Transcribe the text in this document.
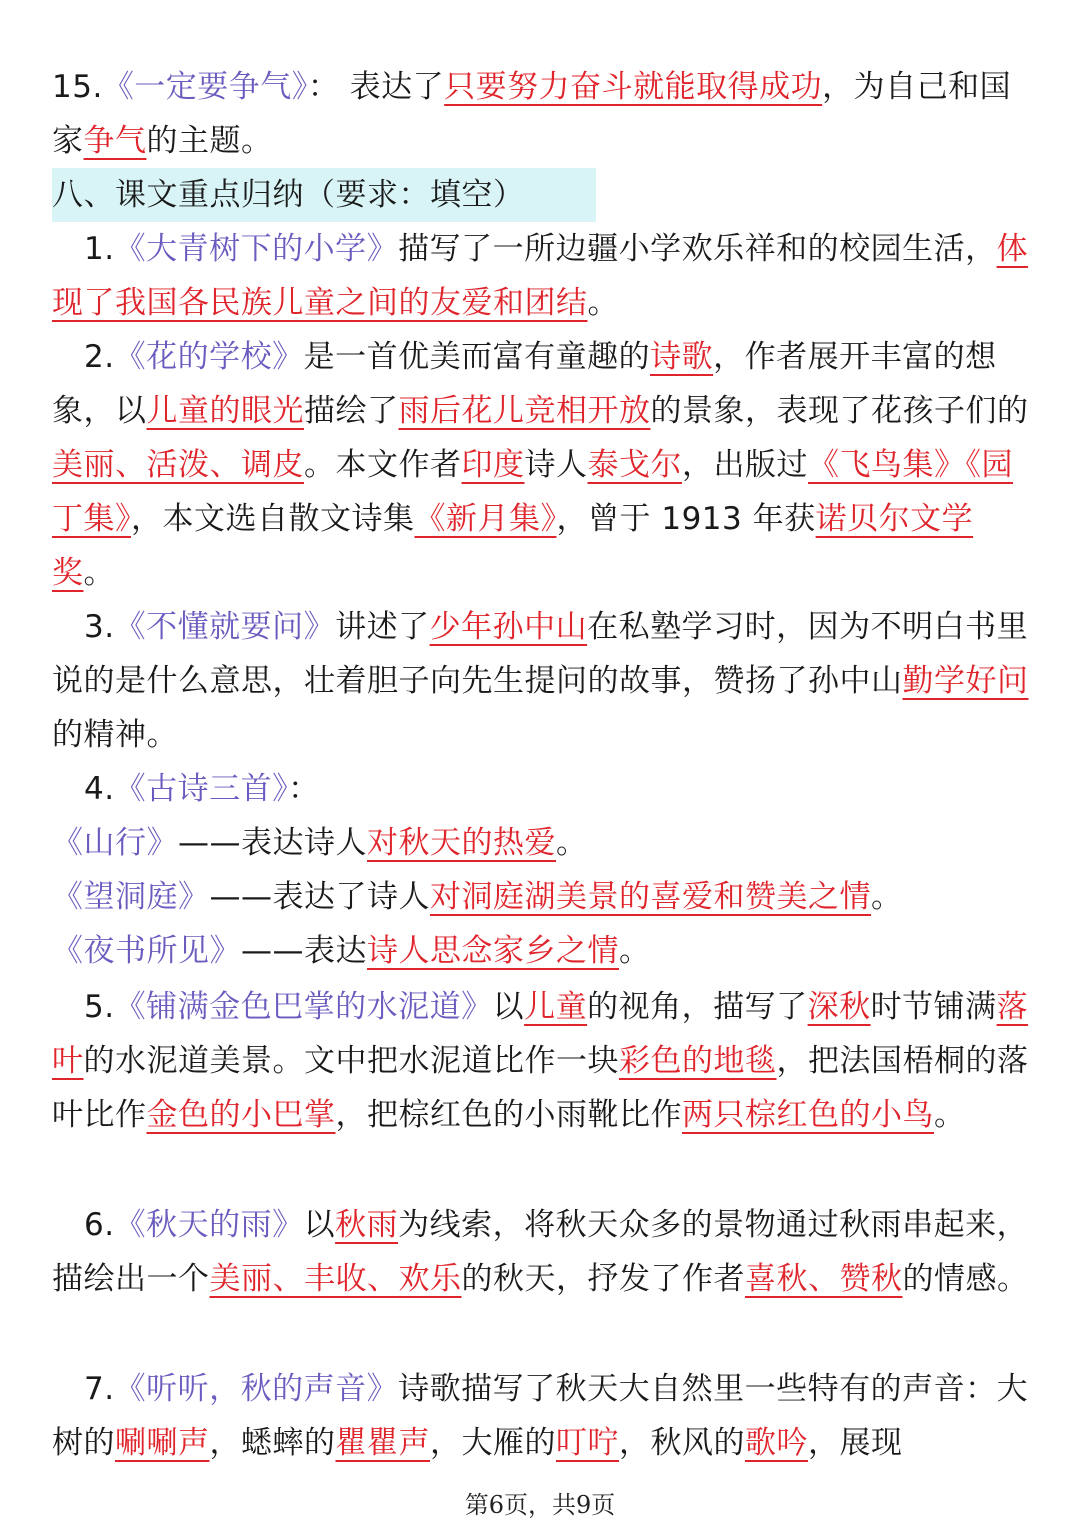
15.《一定要争气》： 表达了只要努力奋斗就能取得成功，为自己和国家争气的主题。
八、课文重点归纳（要求：填空）
1.《大青树下的小学》描写了一所边疆小学欢乐祥和的校园生活，体现了我国各民族儿童之间的友爱和团结。
2.《花的学校》是一首优美而富有童趣的诗歌，作者展开丰富的想象，以儿童的眼光描绘了雨后花儿竞相开放的景象，表现了花孩子们的美丽、活泼、调皮。本文作者印度诗人泰戈尔，出版过《飞鸟集》《园丁集》，本文选自散文诗集《新月集》，曾于 1913 年获诺贝尔文学奖。
3.《不懂就要问》讲述了少年孙中山在私塾学习时，因为不明白书里说的是什么意思，壮着胆子向先生提问的故事，赞扬了孙中山勤学好问的精神。
4.《古诗三首》：
《山行》——表达诗人对秋天的热爱。
《望洞庭》——表达了诗人对洞庭湖美景的喜爱和赞美之情。
《夜书所见》——表达诗人思念家乡之情。
5.《铺满金色巴掌的水泥道》以儿童的视角，描写了深秋时节铺满落叶的水泥道美景。文中把水泥道比作一块彩色的地毯，把法国梧桐的落叶比作金色的小巴掌，把棕红色的小雨靴比作两只棕红色的小鸟。
6.《秋天的雨》以秋雨为线索，将秋天众多的景物通过秋雨串起来，描绘出一个美丽、丰收、欢乐的秋天，抒发了作者喜秋、赞秋的情感。
7.《听听，秋的声音》诗歌描写了秋天大自然里一些特有的声音：大树的唰唰声，蟋蟀的瞿瞿声，大雁的叮咛，秋风的歌吟，展现
第6页，共9页
